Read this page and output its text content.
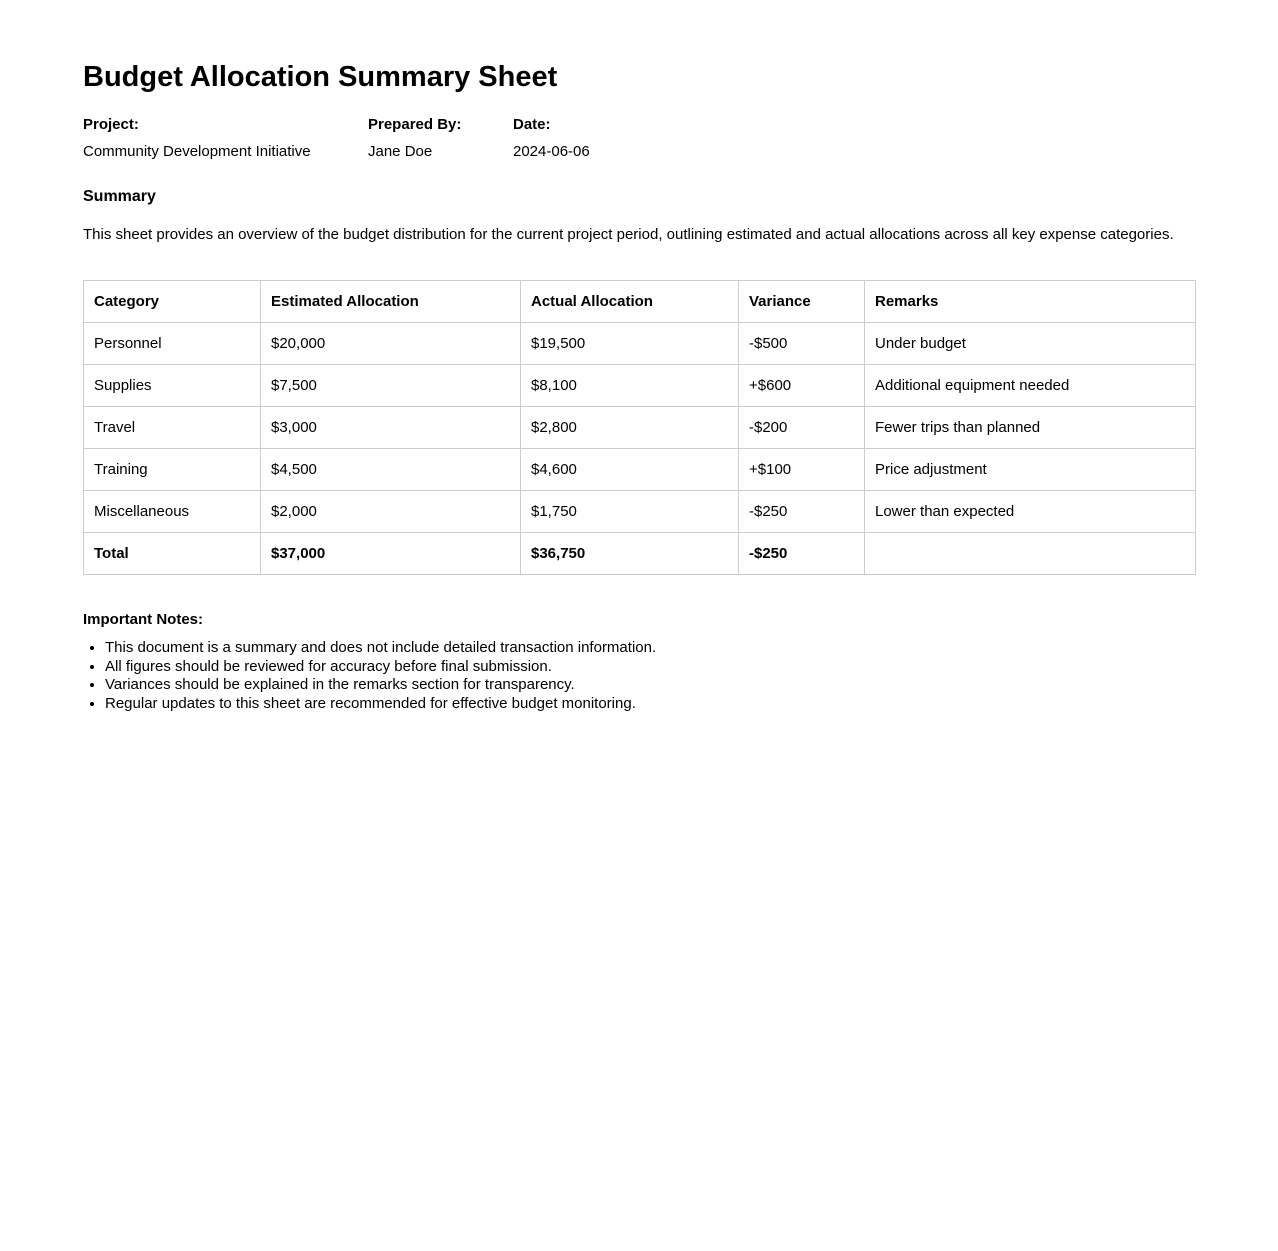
Budget Allocation Summary Sheet
Project:
Community Development Initiative
Prepared By:
Jane Doe
Date:
2024-06-06
Summary

This sheet provides an overview of the budget distribution for the current project period, outlining estimated and actual allocations across all key expense categories.

Category	Estimated Allocation	Actual Allocation	Variance	Remarks
Personnel	$20,000	$19,500	-$500	Under budget
Supplies	$7,500	$8,100	+$600	Additional equipment needed
Travel	$3,000	$2,800	-$200	Fewer trips than planned
Training	$4,500	$4,600	+$100	Price adjustment
Miscellaneous	$2,000	$1,750	-$250	Lower than expected
Total	$37,000	$36,750	-$250	
Important Notes:
• This document is a summary and does not include detailed transaction information.
• All figures should be reviewed for accuracy before final submission.
• Variances should be explained in the remarks section for transparency.
• Regular updates to this sheet are recommended for effective budget monitoring.
